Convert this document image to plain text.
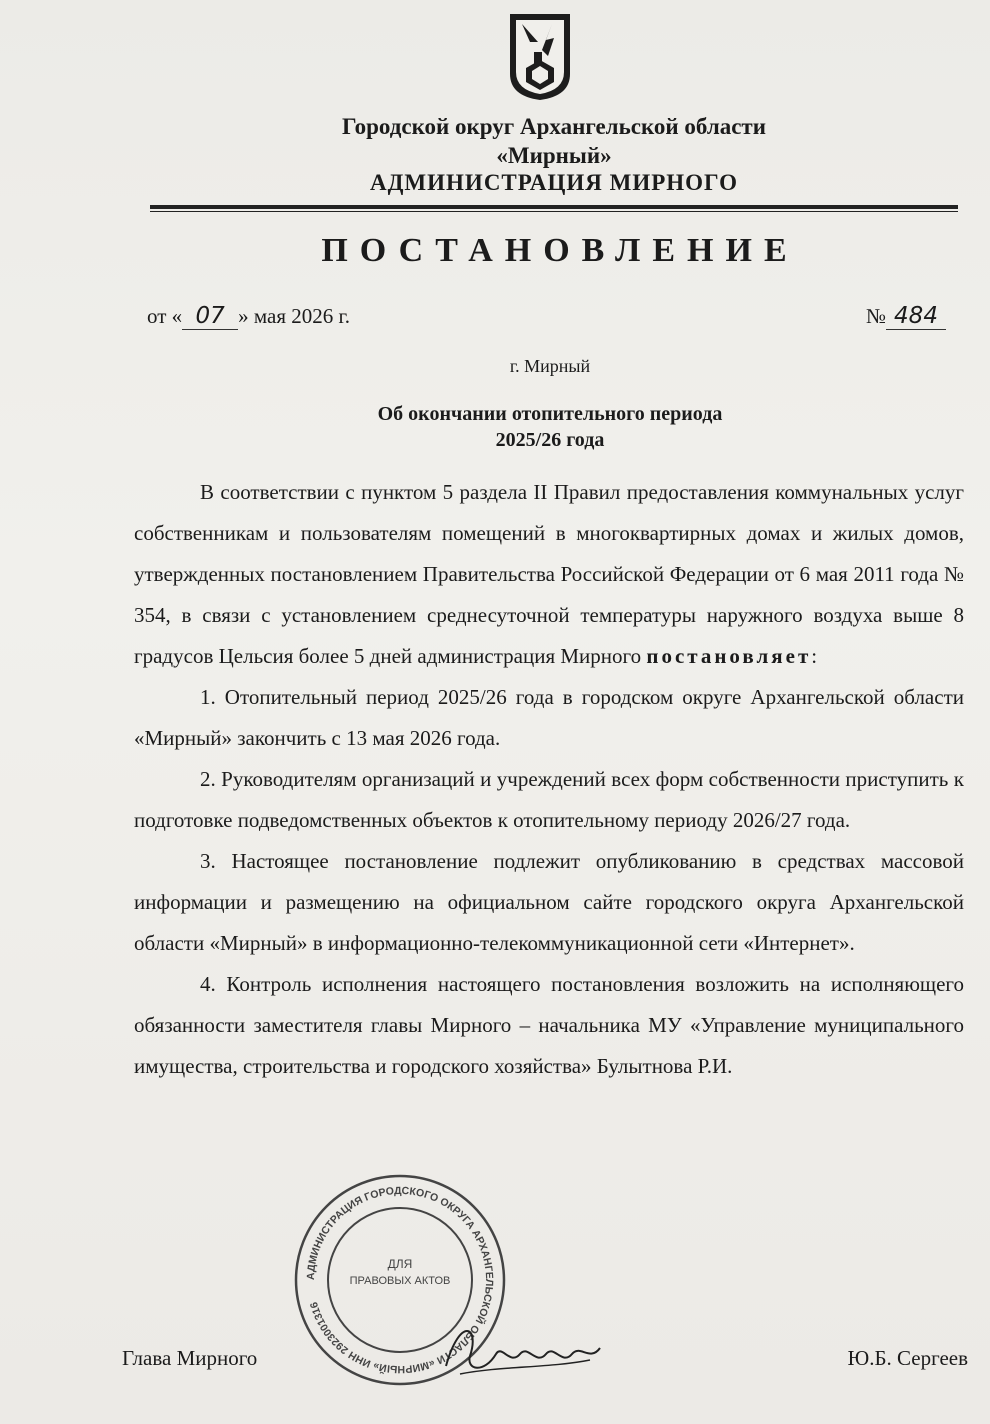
Городской округ Архангельской области
«Мирный»
АДМИНИСТРАЦИЯ МИРНОГО
ПОСТАНОВЛЕНИЕ
от « 07 » мая 2026 г.	№ 484
г. Мирный
Об окончании отопительного периода
2025/26 года

В соответствии с пунктом 5 раздела II Правил предоставления коммунальных услуг собственникам и пользователям помещений в многоквартирных домах и жилых домов, утвержденных постановлением Правительства Российской Федерации от 6 мая 2011 года № 354, в связи с установлением среднесуточной температуры наружного воздуха выше 8 градусов Цельсия более 5 дней администрация Мирного постановляет:

1. Отопительный период 2025/26 года в городском округе Архангельской области «Мирный» закончить с 13 мая 2026 года.

2. Руководителям организаций и учреждений всех форм собственности приступить к подготовке подведомственных объектов к отопительному периоду 2026/27 года.

3. Настоящее постановление подлежит опубликованию в средствах массовой информации и размещению на официальном сайте городского округа Архангельской области «Мирный» в информационно-телекоммуникационной сети «Интернет».

4. Контроль исполнения настоящего постановления возложить на исполняющего обязанности заместителя главы Мирного – начальника МУ «Управление муниципального имущества, строительства и городского хозяйства» Булытнова Р.И.

АДМИНИСТРАЦИЯ ГОРОДСКОГО ОКРУГА АРХАНГЕЛЬСКОЙ ОБЛАСТИ «МИРНЫЙ» ИНН 2923001316
ДЛЯ
ПРАВОВЫХ АКТОВ
Глава Мирного	Ю.Б. Сергеев
